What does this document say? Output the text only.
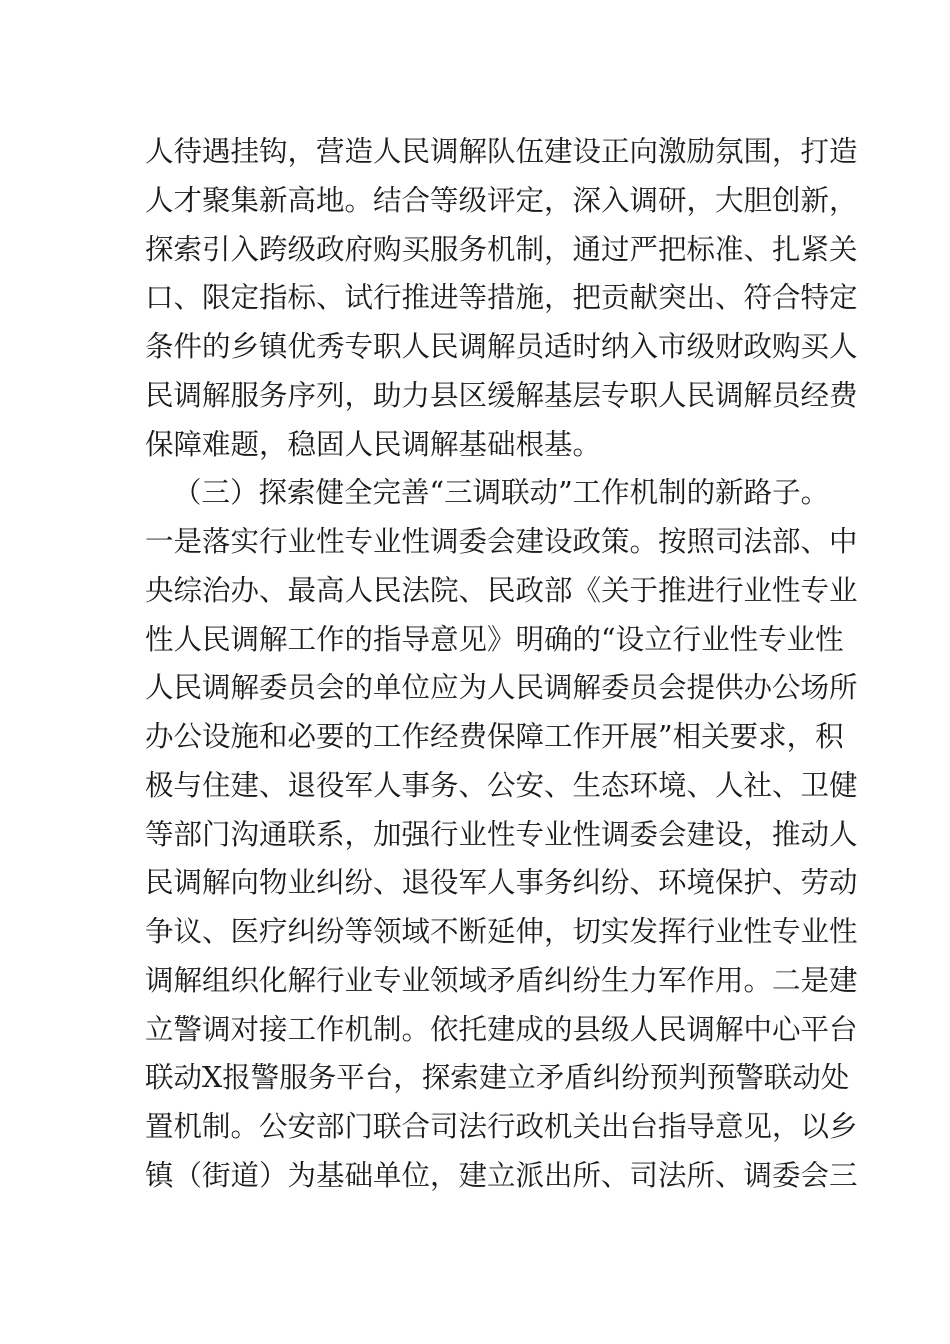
人待遇挂钩，营造人民调解队伍建设正向激励氛围，打造
人才聚集新高地。结合等级评定，深入调研，大胆创新，
探索引入跨级政府购买服务机制，通过严把标准、扎紧关
口、限定指标、试行推进等措施，把贡献突出、符合特定
条件的乡镇优秀专职人民调解员适时纳入市级财政购买人
民调解服务序列，助力县区缓解基层专职人民调解员经费
保障难题，稳固人民调解基础根基。
（三）探索健全完善“三调联动”工作机制的新路子。
一是落实行业性专业性调委会建设政策。按照司法部、中
央综治办、最高人民法院、民政部《关于推进行业性专业
性人民调解工作的指导意见》明确的“设立行业性专业性
人民调解委员会的单位应为人民调解委员会提供办公场所
办公设施和必要的工作经费保障工作开展”相关要求，积
极与住建、退役军人事务、公安、生态环境、人社、卫健
等部门沟通联系，加强行业性专业性调委会建设，推动人
民调解向物业纠纷、退役军人事务纠纷、环境保护、劳动
争议、医疗纠纷等领域不断延伸，切实发挥行业性专业性
调解组织化解行业专业领域矛盾纠纷生力军作用。二是建
立警调对接工作机制。依托建成的县级人民调解中心平台
联动X报警服务平台，探索建立矛盾纠纷预判预警联动处
置机制。公安部门联合司法行政机关出台指导意见，以乡
镇（街道）为基础单位，建立派出所、司法所、调委会三
